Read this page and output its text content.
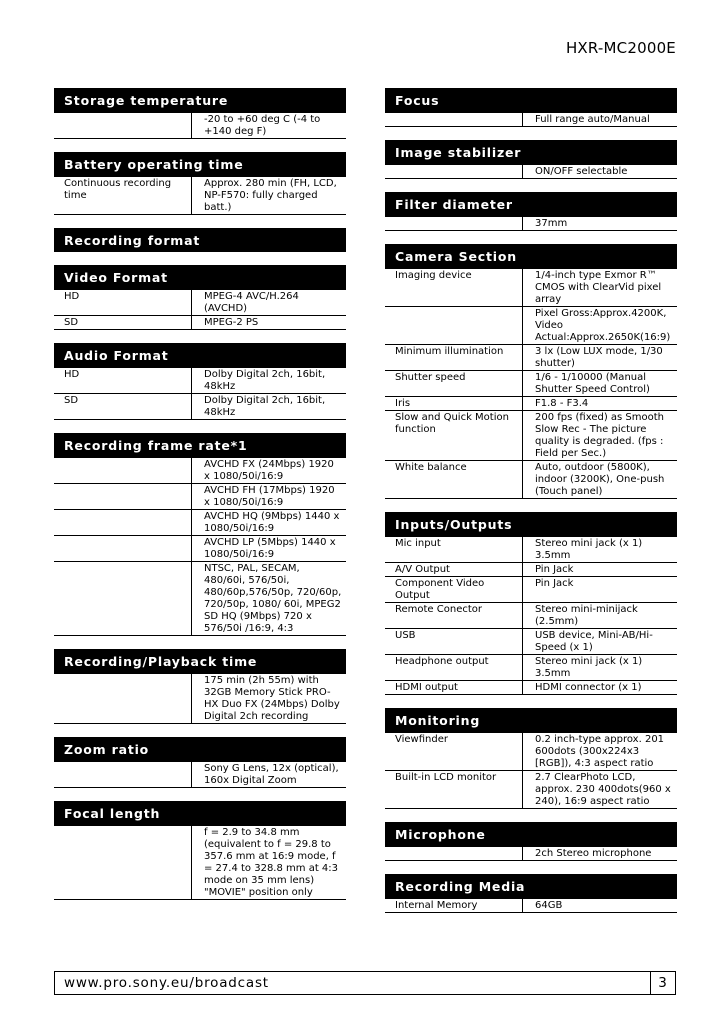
HXR-MC2000E
Storage temperature
	-20 to +60 deg C (-4 to +140 deg F)
Battery operating time
Continuous recording time	Approx. 280 min (FH, LCD, NP-F570: fully charged batt.)
Recording format
Video Format
HD	MPEG-4 AVC/H.264 (AVCHD)
SD	MPEG-2 PS
Audio Format
HD	Dolby Digital 2ch, 16bit, 48kHz
SD	Dolby Digital 2ch, 16bit, 48kHz
Recording frame rate*1
	AVCHD FX (24Mbps) 1920 x 1080/50i/16:9
	AVCHD FH (17Mbps) 1920 x 1080/50i/16:9
	AVCHD HQ (9Mbps) 1440 x 1080/50i/16:9
	AVCHD LP (5Mbps) 1440 x 1080/50i/16:9
	NTSC, PAL, SECAM, 480/60i, 576/50i, 480/60p,576/50p, 720/60p, 720/50p, 1080/ 60i, MPEG2 SD HQ (9Mbps) 720 x 576/50i /16:9, 4:3
Recording/Playback time
	175 min (2h 55m) with 32GB Memory Stick PRO-HX Duo FX (24Mbps) Dolby Digital 2ch recording
Zoom ratio
	Sony G Lens, 12x (optical), 160x Digital Zoom
Focal length
	f = 2.9 to 34.8 mm (equivalent to f = 29.8 to 357.6 mm at 16:9 mode, f = 27.4 to 328.8 mm at 4:3 mode on 35 mm lens) "MOVIE" position only
Focus
	Full range auto/Manual
Image stabilizer
	ON/OFF selectable
Filter diameter
	37mm
Camera Section
Imaging device	1/4-inch type Exmor R™ CMOS with ClearVid pixel array
	Pixel Gross:Approx.4200K, Video Actual:Approx.2650K(16:9)
Minimum illumination	3 lx (Low LUX mode, 1/30 shutter)
Shutter speed	1/6 - 1/10000 (Manual Shutter Speed Control)
Iris	F1.8 - F3.4
Slow and Quick Motion function	200 fps (fixed) as Smooth Slow Rec - The picture quality is degraded. (fps : Field per Sec.)
White balance	Auto, outdoor (5800K), indoor (3200K), One-push (Touch panel)
Inputs/Outputs
Mic input	Stereo mini jack (x 1) 3.5mm
A/V Output	Pin Jack
Component Video Output	Pin Jack
Remote Conector	Stereo mini-minijack (2.5mm)
USB	USB device, Mini-AB/Hi-Speed (x 1)
Headphone output	Stereo mini jack (x 1) 3.5mm
HDMI output	HDMI connector (x 1)
Monitoring
Viewfinder	0.2 inch-type approx. 201 600dots (300x224x3 [RGB]), 4:3 aspect ratio
Built-in LCD monitor	2.7 ClearPhoto LCD, approx. 230 400dots(960 x 240), 16:9 aspect ratio
Microphone
	2ch Stereo microphone
Recording Media
Internal Memory	64GB
www.pro.sony.eu/broadcast	3
